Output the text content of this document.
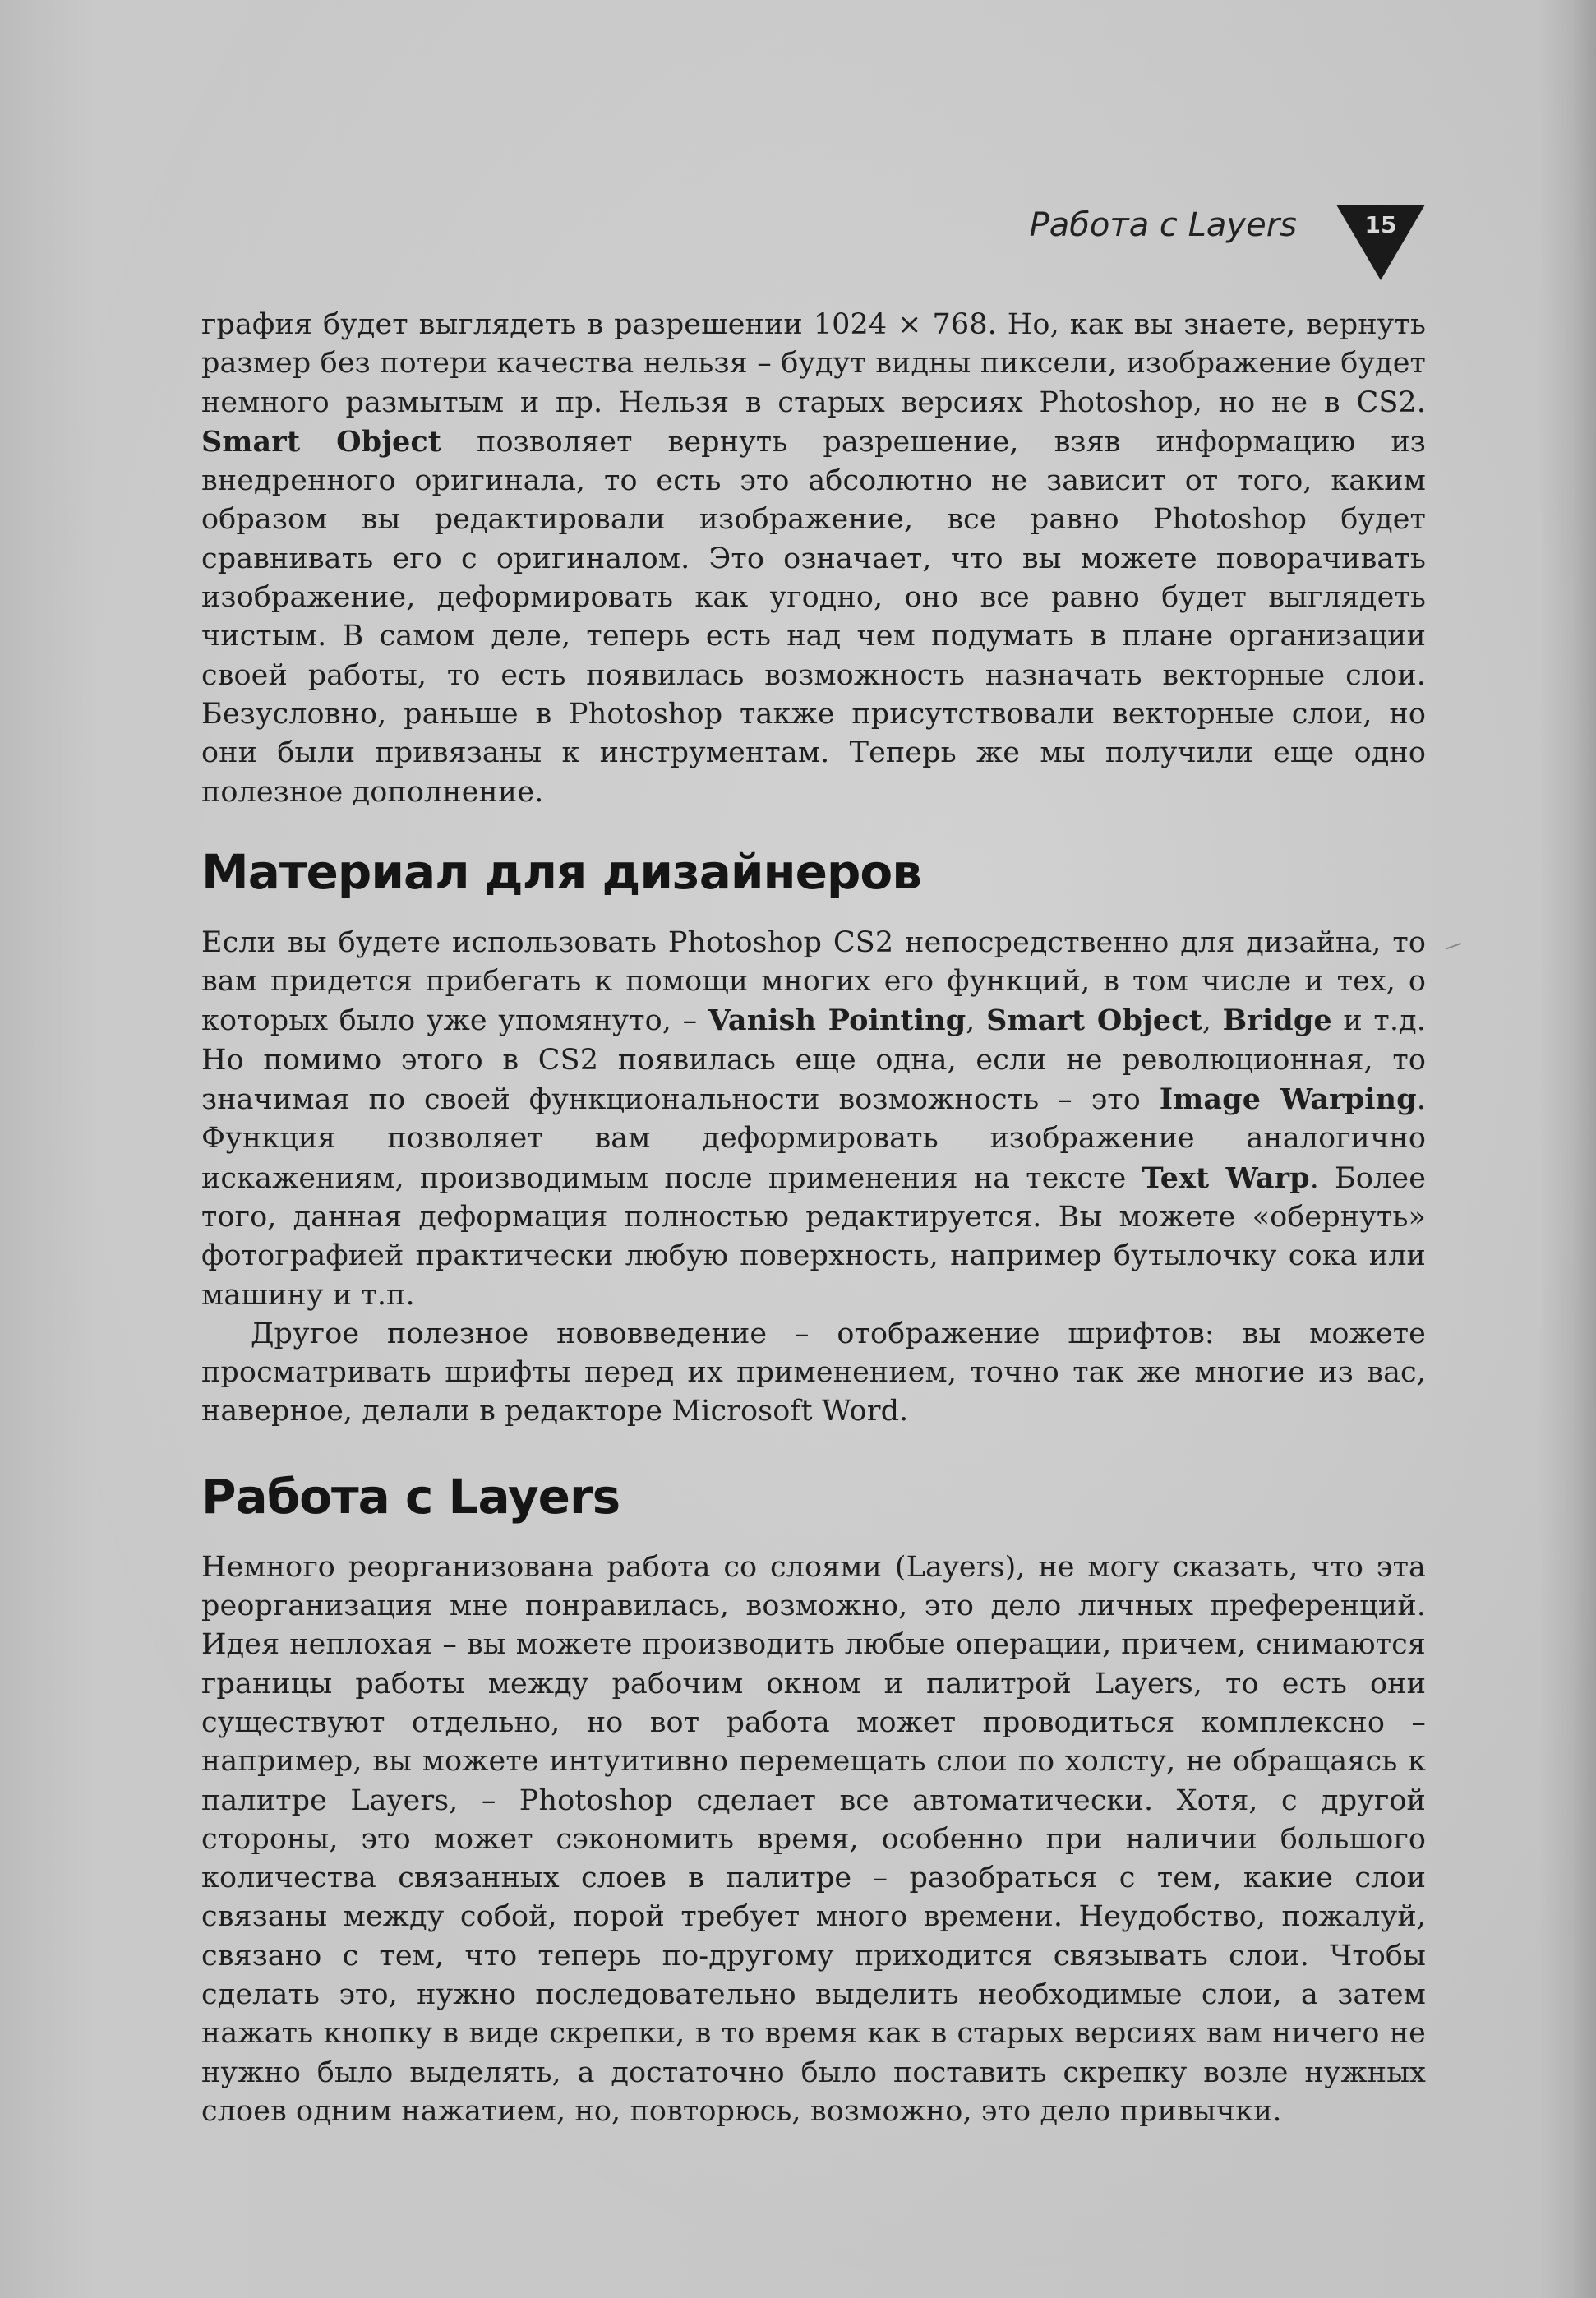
Работа с Layers	15

графия будет выглядеть в разрешении 1024 × 768. Но, как вы знаете, вернуть размер без потери качества нельзя – будут видны пиксели, изображение будет немного размытым и пр. Нельзя в старых версиях Photoshop, но не в CS2. Smart Object позволяет вернуть разрешение, взяв информацию из внедренного оригинала, то есть это абсолютно не зависит от того, каким образом вы редактировали изображение, все равно Photoshop будет сравнивать его с оригиналом. Это означает, что вы можете поворачивать изображение, деформировать как угодно, оно все равно будет выглядеть чистым. В самом деле, теперь есть над чем подумать в плане организации своей работы, то есть появилась возможность назначать векторные слои. Безусловно, раньше в Photoshop также присутствовали векторные слои, но они были привязаны к инструментам. Теперь же мы получили еще одно полезное дополнение.

Материал для дизайнеров

Если вы будете использовать Photoshop CS2 непосредственно для дизайна, то вам придется прибегать к помощи многих его функций, в том числе и тех, о которых было уже упомянуто, – Vanish Pointing, Smart Object, Bridge и т.д. Но помимо этого в CS2 появилась еще одна, если не революционная, то значимая по своей функциональности возможность – это Image Warping. Функция позволяет вам деформировать изображение аналогично искажениям, производимым после применения на тексте Text Warp. Более того, данная деформация полностью редактируется. Вы можете «обернуть» фотографией практически любую поверхность, например бутылочку сока или машину и т.п.

Другое полезное нововведение – отображение шрифтов: вы можете просматривать шрифты перед их применением, точно так же многие из вас, наверное, делали в редакторе Microsoft Word.

Работа с Layers

Немного реорганизована работа со слоями (Layers), не могу сказать, что эта реорганизация мне понравилась, возможно, это дело личных преференций. Идея неплохая – вы можете производить любые операции, причем, снимаются границы работы между рабочим окном и палитрой Layers, то есть они существуют отдельно, но вот работа может проводиться комплексно – например, вы можете интуитивно перемещать слои по холсту, не обращаясь к палитре Layers, – Photoshop сделает все автоматически. Хотя, с другой стороны, это может сэкономить время, особенно при наличии большого количества связанных слоев в палитре – разобраться с тем, какие слои связаны между собой, порой требует много времени. Неудобство, пожалуй, связано с тем, что теперь по-другому приходится связывать слои. Чтобы сделать это, нужно последовательно выделить необходимые слои, а затем нажать кнопку в виде скрепки, в то время как в старых версиях вам ничего не нужно было выделять, а достаточно было поставить скрепку возле нужных слоев одним нажатием, но, повторюсь, возможно, это дело привычки.
